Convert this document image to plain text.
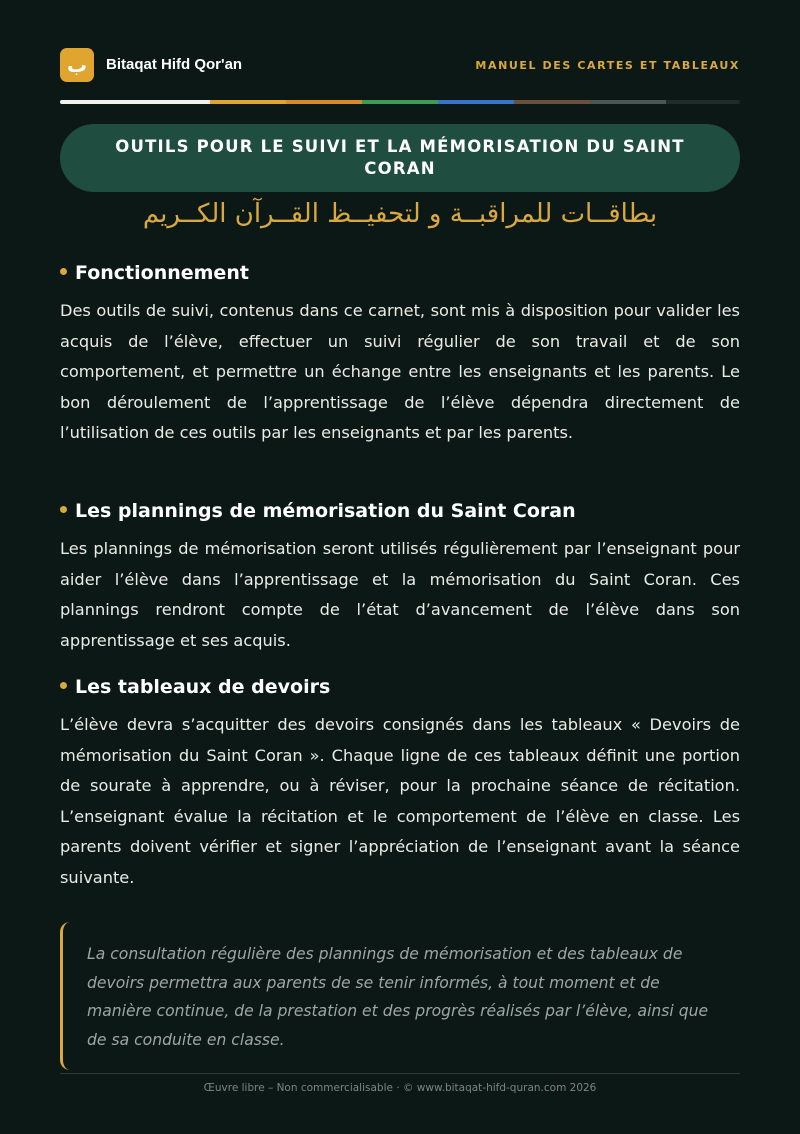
ب	Bitaqat Hifd Qor'an	MANUEL DES CARTES ET TABLEAUX
OUTILS POUR LE SUIVI ET LA MÉMORISATION DU SAINT CORAN
بطاقــات للمراقبــة و لتحفيــظ القــرآن الكــريم
Fonctionnement
Des outils de suivi, contenus dans ce carnet, sont mis à disposition pour valider les acquis de l’élève, effectuer un suivi régulier de son travail et de son comportement, et permettre un échange entre les enseignants et les parents. Le bon déroulement de l’apprentissage de l’élève dépendra directement de l’utilisation de ces outils par les enseignants et par les parents.
Les plannings de mémorisation du Saint Coran
Les plannings de mémorisation seront utilisés régulièrement par l’enseignant pour aider l’élève dans l’apprentissage et la mémorisation du Saint Coran. Ces plannings rendront compte de l’état d’avancement de l’élève dans son apprentissage et ses acquis.
Les tableaux de devoirs
L’élève devra s’acquitter des devoirs consignés dans les tableaux « Devoirs de mémorisation du Saint Coran ». Chaque ligne de ces tableaux définit une portion de sourate à apprendre, ou à réviser, pour la prochaine séance de récitation. L’enseignant évalue la récitation et le comportement de l’élève en classe. Les parents doivent vérifier et signer l’appréciation de l’enseignant avant la séance suivante.

La consultation régulière des plannings de mémorisation et des tableaux de devoirs permettra aux parents de se tenir informés, à tout moment et de manière continue, de la prestation et des progrès réalisés par l’élève, ainsi que de sa conduite en classe.

Œuvre libre – Non commercialisable · © www.bitaqat-hifd-quran.com 2026
